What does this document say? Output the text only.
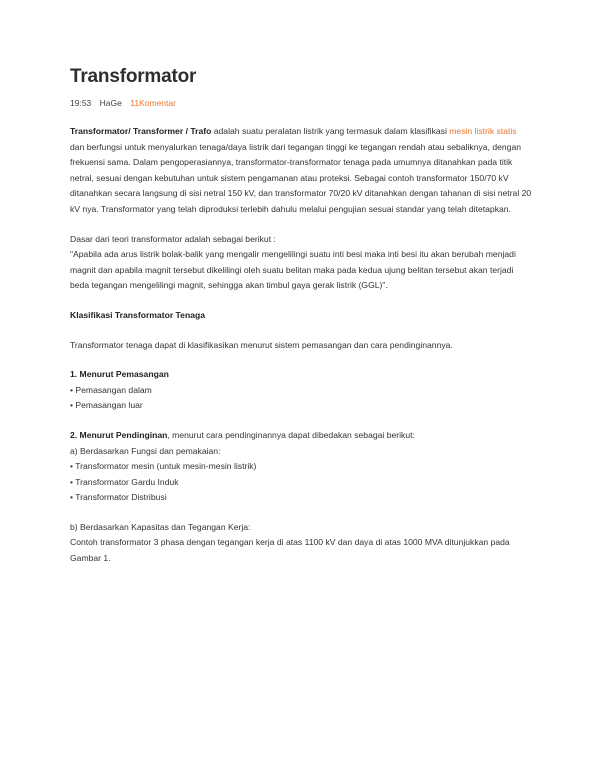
Transformator
19:53 HaGe 11Komentar

Transformator/ Transformer / Trafo adalah suatu peralatan listrik yang termasuk dalam klasifikasi mesin listrik statis dan berfungsi untuk menyalurkan tenaga/daya listrik dari tegangan tinggi ke tegangan rendah atau sebaliknya, dengan frekuensi sama. Dalam pengoperasiannya, transformator-transformator tenaga pada umumnya ditanahkan pada titik netral, sesuai dengan kebutuhan untuk sistem pengamanan atau proteksi. Sebagai contoh transformator 150/70 kV ditanahkan secara langsung di sisi netral 150 kV, dan transformator 70/20 kV ditanahkan dengan tahanan di sisi netral 20 kV nya. Transformator yang telah diproduksi terlebih dahulu melalui pengujian sesuai standar yang telah ditetapkan.

Dasar dari teori transformator adalah sebagai berikut :

"Apabila ada arus listrik bolak-balik yang mengalir mengelilingi suatu inti besi maka inti besi itu akan berubah menjadi magnit dan apabila magnit tersebut dikelilingi oleh suatu belitan maka pada kedua ujung belitan tersebut akan terjadi beda tegangan mengelilingi magnit, sehingga akan timbul gaya gerak listrik (GGL)".

Klasifikasi Transformator Tenaga

Transformator tenaga dapat di klasifikasikan menurut sistem pemasangan dan cara pendinginannya.

1. Menurut Pemasangan

• Pemasangan dalam

• Pemasangan luar

2. Menurut Pendinginan, menurut cara pendinginannya dapat dibedakan sebagai berikut:

a) Berdasarkan Fungsi dan pemakaian:

• Transformator mesin (untuk mesin-mesin listrik)

• Transformator Gardu Induk

• Transformator Distribusi

b) Berdasarkan Kapasitas dan Tegangan Kerja:

Contoh transformator 3 phasa dengan tegangan kerja di atas 1100 kV dan daya di atas 1000 MVA ditunjukkan pada Gambar 1.
